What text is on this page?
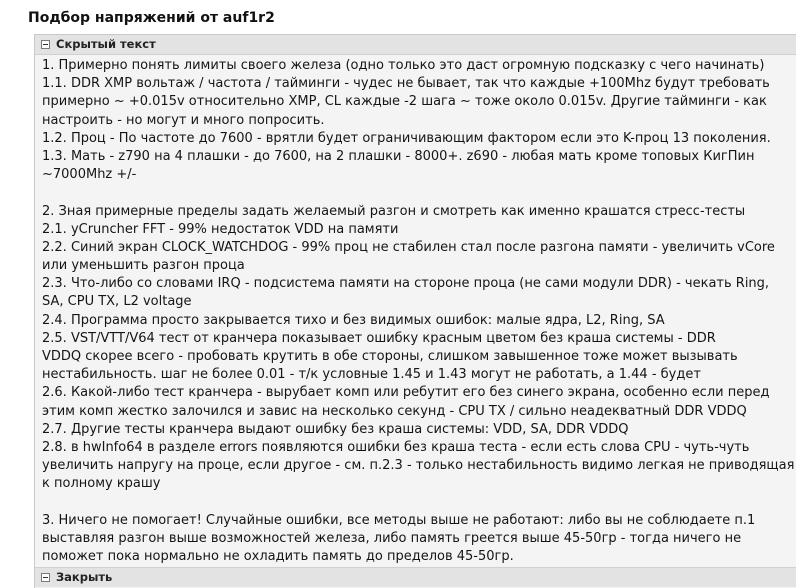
Подбор напряжений от auf1r2
Скрытый текст
1. Примерно понять лимиты своего железа (одно только это даст огромную подсказку с чего начинать)
1.1. DDR XMP вольтаж / частота / тайминги - чудес не бывает, так что каждые +100Mhz будут требовать
примерно ~ +0.015v относительно XMP, CL каждые -2 шага ~ тоже около 0.015v. Другие тайминги - как
настроить - но могут и много попросить.
1.2. Проц - По частоте до 7600 - врятли будет ограничивающим фактором если это K-проц 13 поколения.
1.3. Мать - z790 на 4 плашки - до 7600, на 2 плашки - 8000+. z690 - любая мать кроме топовых КигПин
~7000Mhz +/-
2. Зная примерные пределы задать желаемый разгон и смотреть как именно крашатся стресс-тесты
2.1. yCruncher FFT - 99% недостаток VDD на памяти
2.2. Синий экран CLOCK_WATCHDOG - 99% проц не стабилен стал после разгона памяти - увеличить vCore
или уменьшить разгон проца
2.3. Что-либо со словами IRQ - подсистема памяти на стороне проца (не сами модули DDR) - чекать Ring,
SA, CPU TX, L2 voltage
2.4. Программа просто закрывается тихо и без видимых ошибок: малые ядра, L2, Ring, SA
2.5. VST/VTT/V64 тест от кранчера показывает ошибку красным цветом без краша системы - DDR
VDDQ скорее всего - пробовать крутить в обе стороны, слишком завышенное тоже может вызывать
нестабильность. шаг не более 0.01 - т/к условные 1.45 и 1.43 могут не работать, а 1.44 - будет
2.6. Какой-либо тест кранчера - вырубает комп или ребутит его без синего экрана, особенно если перед
этим комп жестко залочился и завис на несколько секунд - CPU TX / сильно неадекватный DDR VDDQ
2.7. Другие тесты кранчера выдают ошибку без краша системы: VDD, SA, DDR VDDQ
2.8. в hwInfo64 в разделе errors появляются ошибки без краша теста - если есть слова CPU - чуть-чуть
увеличить напругу на проце, если другое - см. п.2.3 - только нестабильность видимо легкая не приводящая
к полному крашу
3. Ничего не помогает! Случайные ошибки, все методы выше не работают: либо вы не соблюдаете п.1
выставляя разгон выше возможностей железа, либо память греется выше 45-50гр - тогда ничего не
поможет пока нормально не охладить память до пределов 45-50гр.
Закрыть
